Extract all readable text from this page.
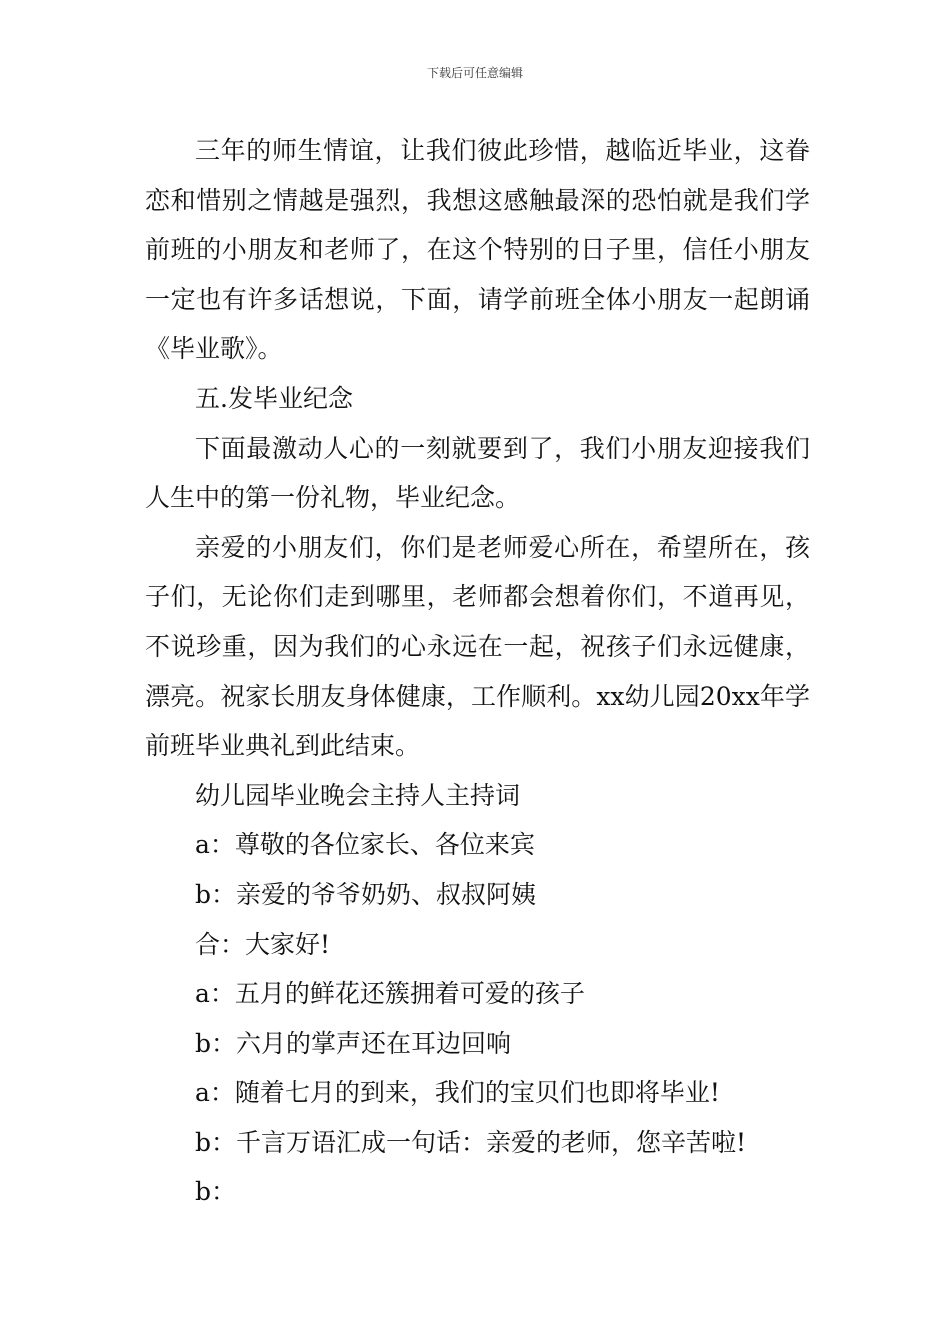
下载后可任意编辑

三年的师生情谊，让我们彼此珍惜，越临近毕业，这眷恋和惜别之情越是强烈，我想这感触最深的恐怕就是我们学前班的小朋友和老师了，在这个特别的日子里，信任小朋友一定也有许多话想说，下面，请学前班全体小朋友一起朗诵《毕业歌》。

五.发毕业纪念

下面最激动人心的一刻就要到了，我们小朋友迎接我们人生中的第一份礼物，毕业纪念。

亲爱的小朋友们，你们是老师爱心所在，希望所在，孩子们，无论你们走到哪里，老师都会想着你们，不道再见，不说珍重，因为我们的心永远在一起，祝孩子们永远健康，漂亮。祝家长朋友身体健康，工作顺利。xx幼儿园20xx年学前班毕业典礼到此结束。

幼儿园毕业晚会主持人主持词

a：尊敬的各位家长、各位来宾

b：亲爱的爷爷奶奶、叔叔阿姨

合：大家好!

a：五月的鲜花还簇拥着可爱的孩子

b：六月的掌声还在耳边回响

a：随着七月的到来，我们的宝贝们也即将毕业!

b：千言万语汇成一句话：亲爱的老师，您辛苦啦!

b：
